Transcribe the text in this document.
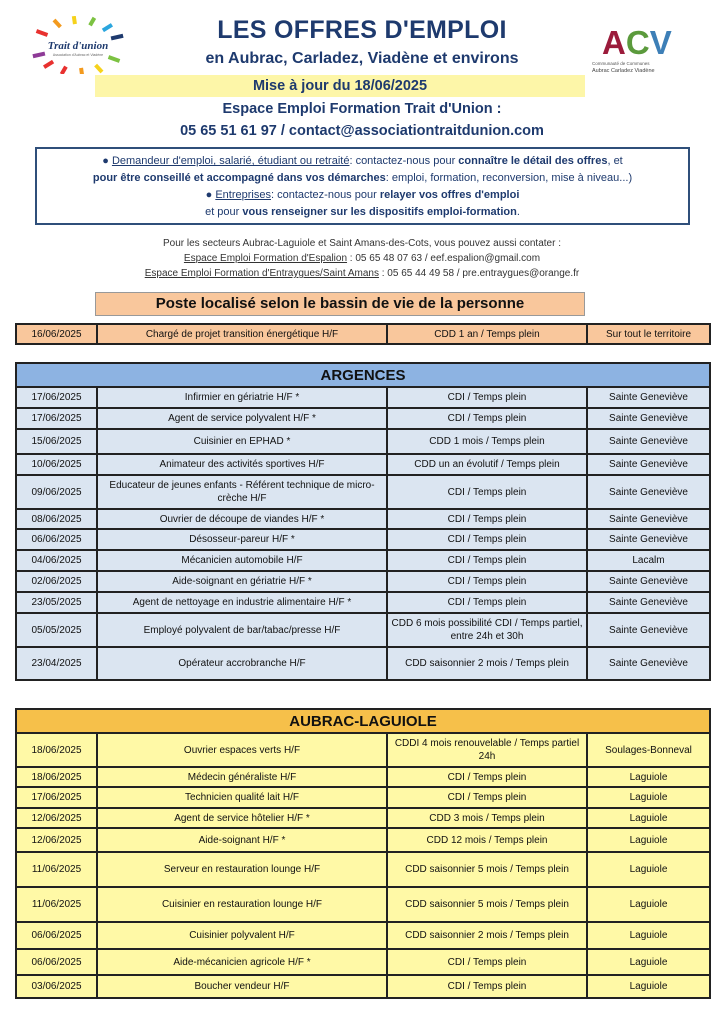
Trait d'union
Association d'Aubrac et Viadène	ACV
Communauté de Communes
Aubrac Carladez Viadène
LES OFFRES D'EMPLOI
en Aubrac, Carladez, Viadène et environs
Mise à jour du 18/06/2025
Espace Emploi Formation Trait d'Union :
05 65 51 61 97 / contact@associationtraitdunion.com
● Demandeur d'emploi, salarié, étudiant ou retraité: contactez-nous pour connaître le détail des offres, et
pour être conseillé et accompagné dans vos démarches: emploi, formation, reconversion, mise à niveau...)
● Entreprises: contactez-nous pour relayer vos offres d'emploi
et pour vous renseigner sur les dispositifs emploi-formation.
Pour les secteurs Aubrac-Laguiole et Saint Amans-des-Cots, vous pouvez aussi contater :
Espace Emploi Formation d'Espalion : 05 65 48 07 63 / eef.espalion@gmail.com
Espace Emploi Formation d'Entraygues/Saint Amans : 05 65 44 49 58 / pre.entraygues@orange.fr
Poste localisé selon le bassin de vie de la personne
16/06/2025	Chargé de projet transition énergétique H/F	CDD 1 an / Temps plein	Sur tout le territoire
ARGENCES			
17/06/2025	Infirmier en gériatrie H/F *	CDI / Temps plein	Sainte Geneviève
17/06/2025	Agent de service polyvalent H/F *	CDI / Temps plein	Sainte Geneviève
15/06/2025	Cuisinier en EPHAD *	CDD 1 mois / Temps plein	Sainte Geneviève
10/06/2025	Animateur des activités sportives H/F	CDD un an évolutif / Temps plein	Sainte Geneviève
09/06/2025	Educateur de jeunes enfants - Référent technique de micro-crèche H/F	CDI / Temps plein	Sainte Geneviève
08/06/2025	Ouvrier de découpe de viandes H/F *	CDI / Temps plein	Sainte Geneviève
06/06/2025	Désosseur-pareur H/F *	CDI / Temps plein	Sainte Geneviève
04/06/2025	Mécanicien automobile H/F	CDI / Temps plein	Lacalm
02/06/2025	Aide-soignant en gériatrie H/F *	CDI / Temps plein	Sainte Geneviève
23/05/2025	Agent de nettoyage en industrie alimentaire H/F *	CDI / Temps plein	Sainte Geneviève
05/05/2025	Employé polyvalent de bar/tabac/presse H/F	CDD 6 mois possibilité CDI / Temps partiel, entre 24h et 30h	Sainte Geneviève
23/04/2025	Opérateur accrobranche H/F	CDD saisonnier 2 mois / Temps plein	Sainte Geneviève
AUBRAC-LAGUIOLE			
18/06/2025	Ouvrier espaces verts H/F	CDDI 4 mois renouvelable / Temps partiel 24h	Soulages-Bonneval
18/06/2025	Médecin généraliste H/F	CDI / Temps plein	Laguiole
17/06/2025	Technicien qualité lait H/F	CDI / Temps plein	Laguiole
12/06/2025	Agent de service hôtelier H/F *	CDD 3 mois / Temps plein	Laguiole
12/06/2025	Aide-soignant H/F *	CDD 12 mois / Temps plein	Laguiole
11/06/2025	Serveur en restauration lounge H/F	CDD saisonnier 5 mois / Temps plein	Laguiole
11/06/2025	Cuisinier en restauration lounge H/F	CDD saisonnier 5 mois / Temps plein	Laguiole
06/06/2025	Cuisinier polyvalent H/F	CDD saisonnier 2 mois / Temps plein	Laguiole
06/06/2025	Aide-mécanicien agricole H/F *	CDI / Temps plein	Laguiole
03/06/2025	Boucher vendeur H/F	CDI / Temps plein	Laguiole
